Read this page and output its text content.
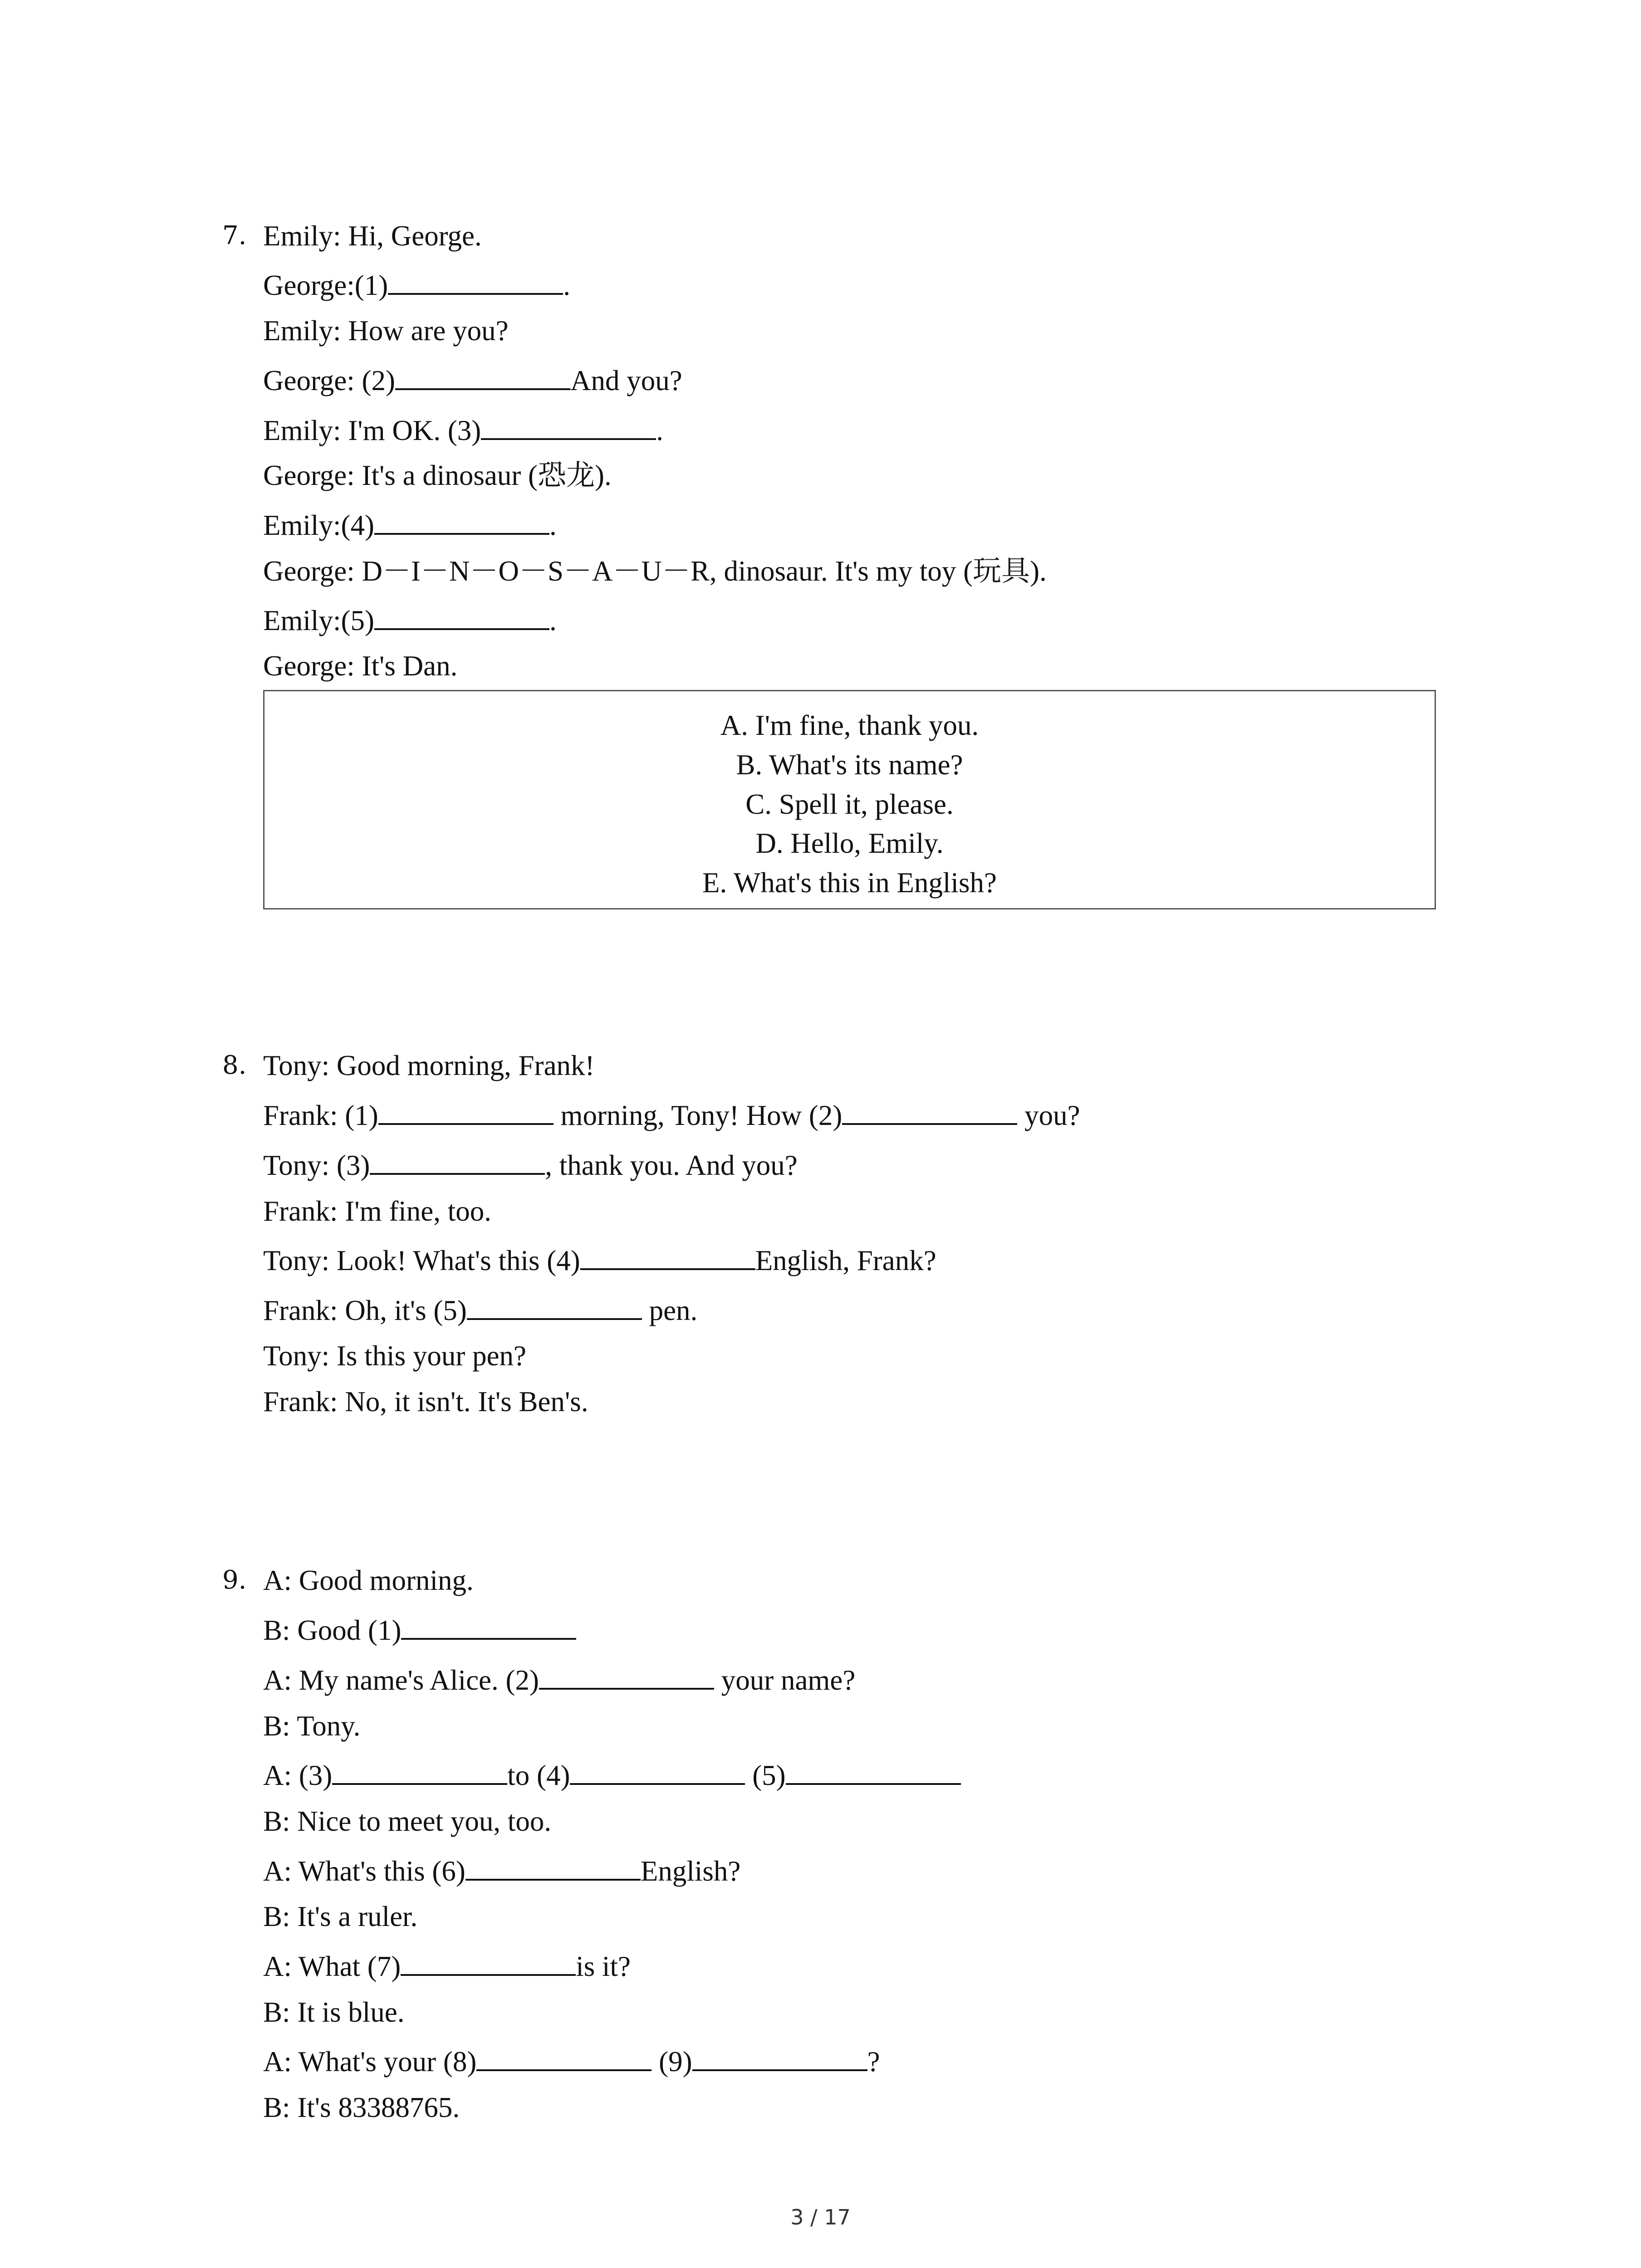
7. Emily: Hi, George.
George:(1)	.
Emily: How are you?
George: (2)	And you?
Emily: I'm OK. (3)	.
George: It's a dinosaur (恐龙).
Emily:(4)	.
George: D－I－N－O－S－A－U－R, dinosaur. It's my toy (玩具).
Emily:(5)	.
George: It's Dan.
A. I'm fine, thank you.
B. What's its name?
C. Spell it, please.
D. Hello, Emily.
E. What's this in English?
8. Tony: Good morning, Frank!
Frank: (1)	morning, Tony! How (2)	you?
Tony: (3)	, thank you. And you?
Frank: I'm fine, too.
Tony: Look! What's this (4)	English, Frank?
Frank: Oh, it's (5)	pen.
Tony: Is this your pen?
Frank: No, it isn't. It's Ben's.
9. A: Good morning.
B: Good (1)
A: My name's Alice. (2)	your name?
B: Tony.
A: (3)	to (4)	(5)
B: Nice to meet you, too.
A: What's this (6)	English?
B: It's a ruler.
A: What (7)	is it?
B: It is blue.
A: What's your (8)	(9)	?
B: It's 83388765.
3 / 17
